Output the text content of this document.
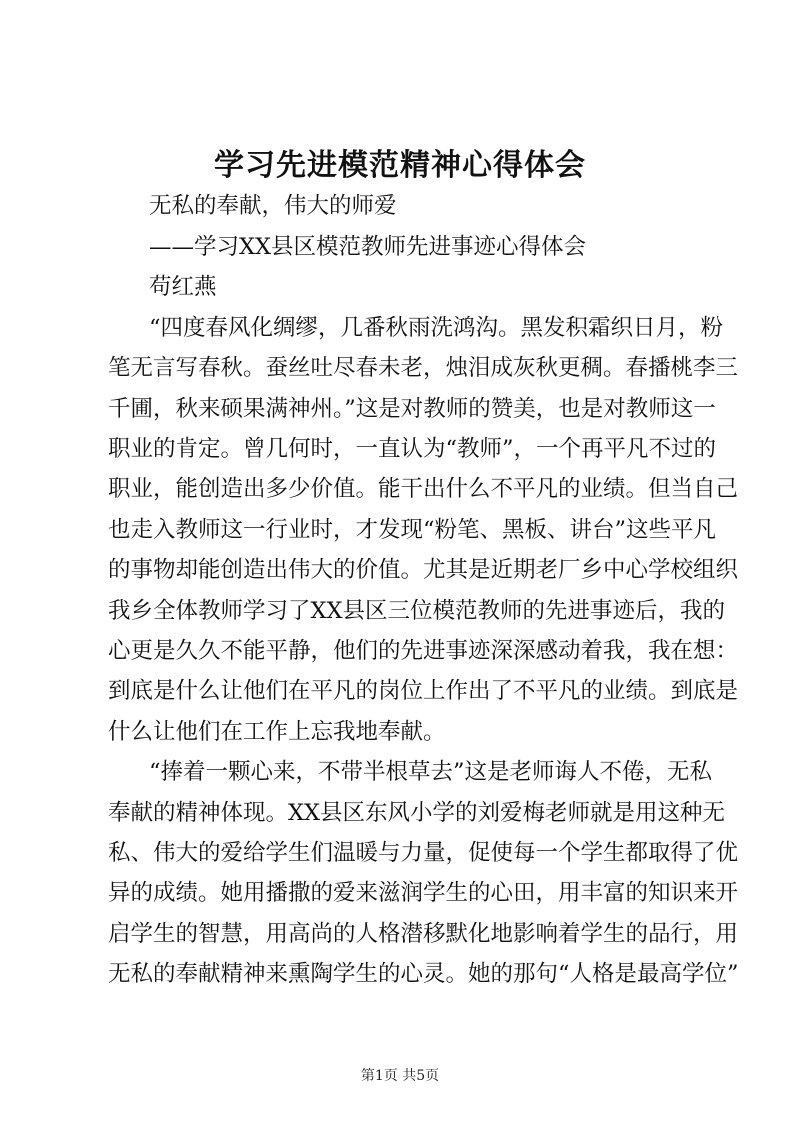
学习先进模范精神心得体会
无私的奉献，伟大的师爱
——学习XX县区模范教师先进事迹心得体会
苟红燕
“四度春风化绸缪，几番秋雨洗鸿沟。黑发积霜织日月，粉
笔无言写春秋。蚕丝吐尽春未老，烛泪成灰秋更稠。春播桃李三
千圃，秋来硕果满神州。”这是对教师的赞美，也是对教师这一
职业的肯定。曾几何时，一直认为“教师”，一个再平凡不过的
职业，能创造出多少价值。能干出什么不平凡的业绩。但当自己
也走入教师这一行业时，才发现“粉笔、黑板、讲台”这些平凡
的事物却能创造出伟大的价值。尤其是近期老厂乡中心学校组织
我乡全体教师学习了XX县区三位模范教师的先进事迹后，我的
心更是久久不能平静，他们的先进事迹深深感动着我，我在想：
到底是什么让他们在平凡的岗位上作出了不平凡的业绩。到底是
什么让他们在工作上忘我地奉献。
“捧着一颗心来，不带半根草去”这是老师诲人不倦，无私
奉献的精神体现。XX县区东风小学的刘爱梅老师就是用这种无
私、伟大的爱给学生们温暖与力量，促使每一个学生都取得了优
异的成绩。她用播撒的爱来滋润学生的心田，用丰富的知识来开
启学生的智慧，用高尚的人格潜移默化地影响着学生的品行，用
无私的奉献精神来熏陶学生的心灵。她的那句“人格是最高学位”
第1页 共5页
